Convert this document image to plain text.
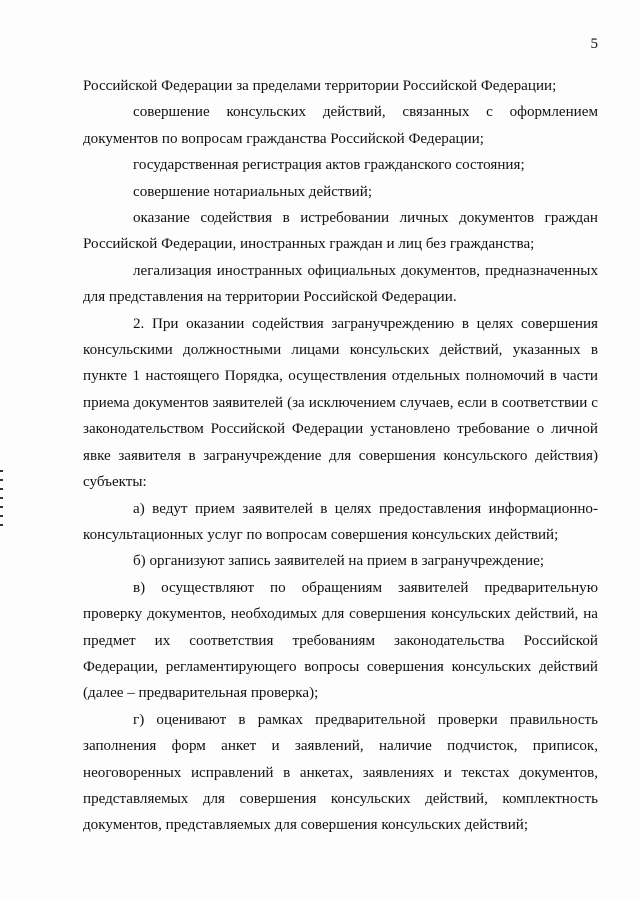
5

Российской Федерации за пределами территории Российской Федерации;

совершение консульских действий, связанных с оформлением документов по вопросам гражданства Российской Федерации;

государственная регистрация актов гражданского состояния;

совершение нотариальных действий;

оказание содействия в истребовании личных документов граждан Российской Федерации, иностранных граждан и лиц без гражданства;

легализация иностранных официальных документов, предназначенных для представления на территории Российской Федерации.

2. При оказании содействия загранучреждению в целях совершения консульскими должностными лицами консульских действий, указанных в пункте 1 настоящего Порядка, осуществления отдельных полномочий в части приема документов заявителей (за исключением случаев, если в соответствии с законодательством Российской Федерации установлено требование о личной явке заявителя в загранучреждение для совершения консульского действия) субъекты:

а) ведут прием заявителей в целях предоставления информационно-консультационных услуг по вопросам совершения консульских действий;

б) организуют запись заявителей на прием в загранучреждение;

в) осуществляют по обращениям заявителей предварительную проверку документов, необходимых для совершения консульских действий, на предмет их соответствия требованиям законодательства Российской Федерации, регламентирующего вопросы совершения консульских действий (далее – предварительная проверка);

г) оценивают в рамках предварительной проверки правильность заполнения форм анкет и заявлений, наличие подчисток, приписок, неоговоренных исправлений в анкетах, заявлениях и текстах документов, представляемых для совершения консульских действий, комплектность документов, представляемых для совершения консульских действий;
